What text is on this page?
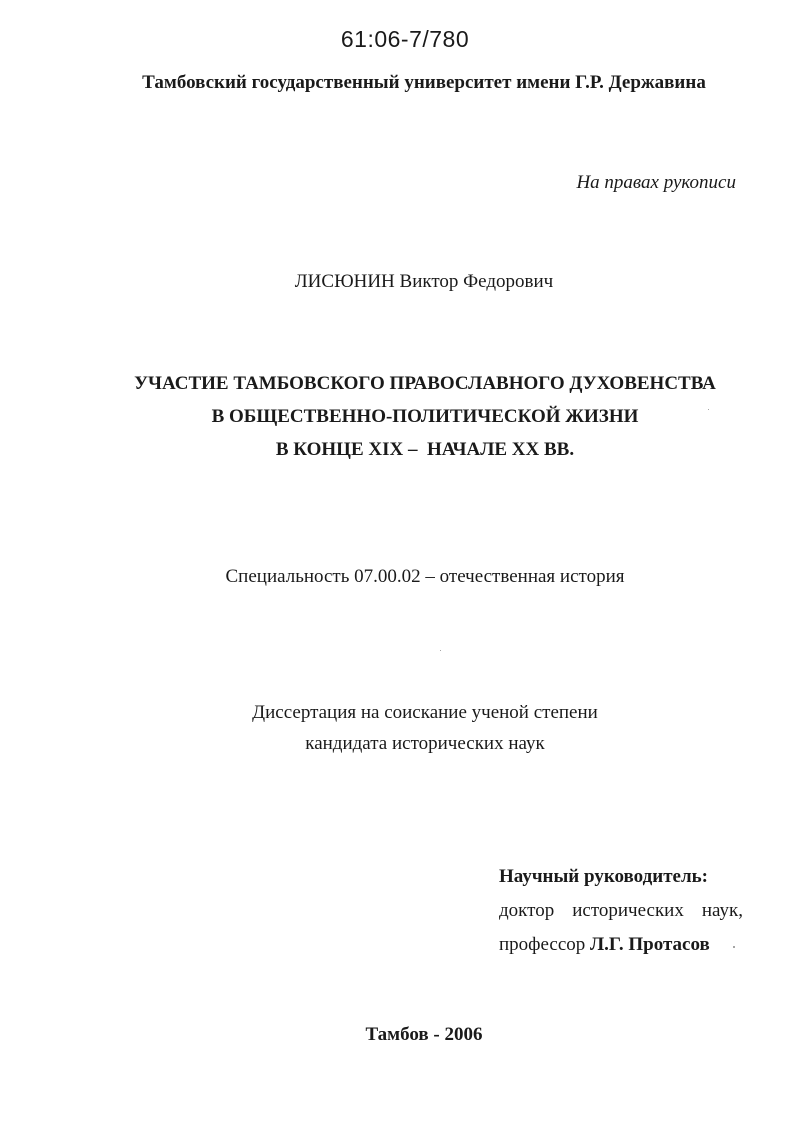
61:06-7/780
Тамбовский государственный университет имени Г.Р. Державина
На правах рукописи
ЛИСЮНИН Виктор Федорович
УЧАСТИЕ ТАМБОВСКОГО ПРАВОСЛАВНОГО ДУХОВЕНСТВА
В ОБЩЕСТВЕННО-ПОЛИТИЧЕСКОЙ ЖИЗНИ
В КОНЦЕ XIX –  НАЧАЛЕ XX ВВ.
Специальность 07.00.02 – отечественная история
Диссертация на соискание ученой степени
кандидата исторических наук
Научный руководитель:
доктор исторических наук,
профессор Л.Г. Протасов
Тамбов - 2006
